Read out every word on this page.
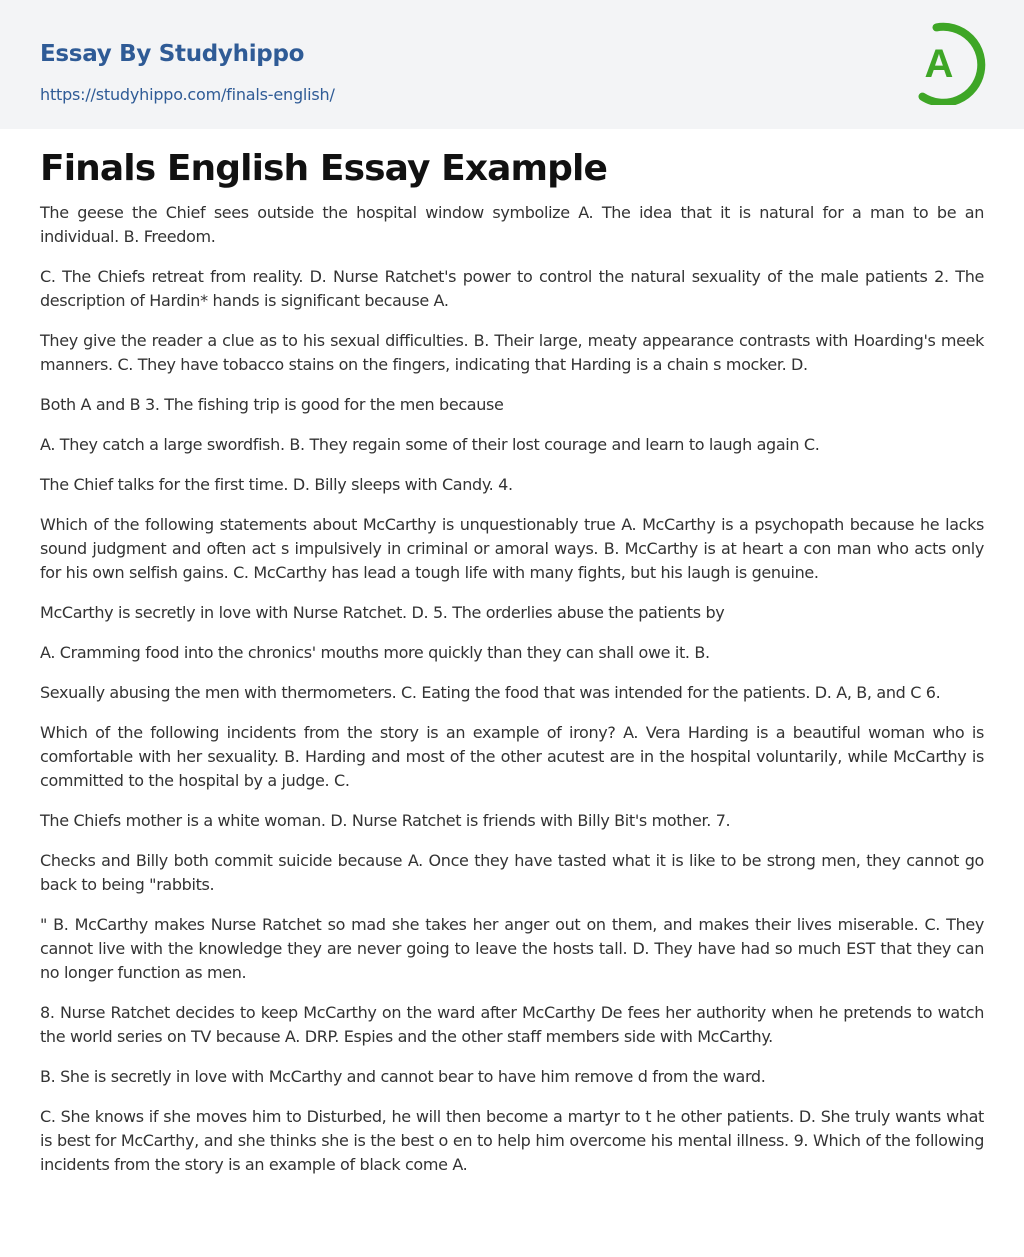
Essay By Studyhippo
https://studyhippo.com/finals-english/
A
Finals English Essay Example

The geese the Chief sees outside the hospital window symbolize A. The idea that it is natural for a man to be an individual. B. Freedom.

C. The Chiefs retreat from reality. D. Nurse Ratchet's power to control the natural sexuality of the male patients 2. The description of Hardin* hands is significant because A.

They give the reader a clue as to his sexual difficulties. B. Their large, meaty appearance contrasts with Hoarding's meek manners. C. They have tobacco stains on the fingers, indicating that Harding is a chain s mocker. D.

Both A and B 3. The fishing trip is good for the men because

A. They catch a large swordfish. B. They regain some of their lost courage and learn to laugh again C.

The Chief talks for the first time. D. Billy sleeps with Candy. 4.

Which of the following statements about McCarthy is unquestionably true A. McCarthy is a psychopath because he lacks sound judgment and often act s impulsively in criminal or amoral ways. B. McCarthy is at heart a con man who acts only for his own selfish gains. C. McCarthy has lead a tough life with many fights, but his laugh is genuine.

McCarthy is secretly in love with Nurse Ratchet. D. 5. The orderlies abuse the patients by

A. Cramming food into the chronics' mouths more quickly than they can shall owe it. B.

Sexually abusing the men with thermometers. C. Eating the food that was intended for the patients. D. A, B, and C 6.

Which of the following incidents from the story is an example of irony? A. Vera Harding is a beautiful woman who is comfortable with her sexuality. B. Harding and most of the other acutest are in the hospital voluntarily, while McCarthy is committed to the hospital by a judge. C.

The Chiefs mother is a white woman. D. Nurse Ratchet is friends with Billy Bit's mother. 7.

Checks and Billy both commit suicide because A. Once they have tasted what it is like to be strong men, they cannot go back to being "rabbits.

" B. McCarthy makes Nurse Ratchet so mad she takes her anger out on them, and makes their lives miserable. C. They cannot live with the knowledge they are never going to leave the hosts tall. D. They have had so much EST that they can no longer function as men.

8. Nurse Ratchet decides to keep McCarthy on the ward after McCarthy De fees her authority when he pretends to watch the world series on TV because A. DRP. Espies and the other staff members side with McCarthy.

B. She is secretly in love with McCarthy and cannot bear to have him remove d from the ward.

C. She knows if she moves him to Disturbed, he will then become a martyr to t he other patients. D. She truly wants what is best for McCarthy, and she thinks she is the best o en to help him overcome his mental illness. 9. Which of the following incidents from the story is an example of black come A.
